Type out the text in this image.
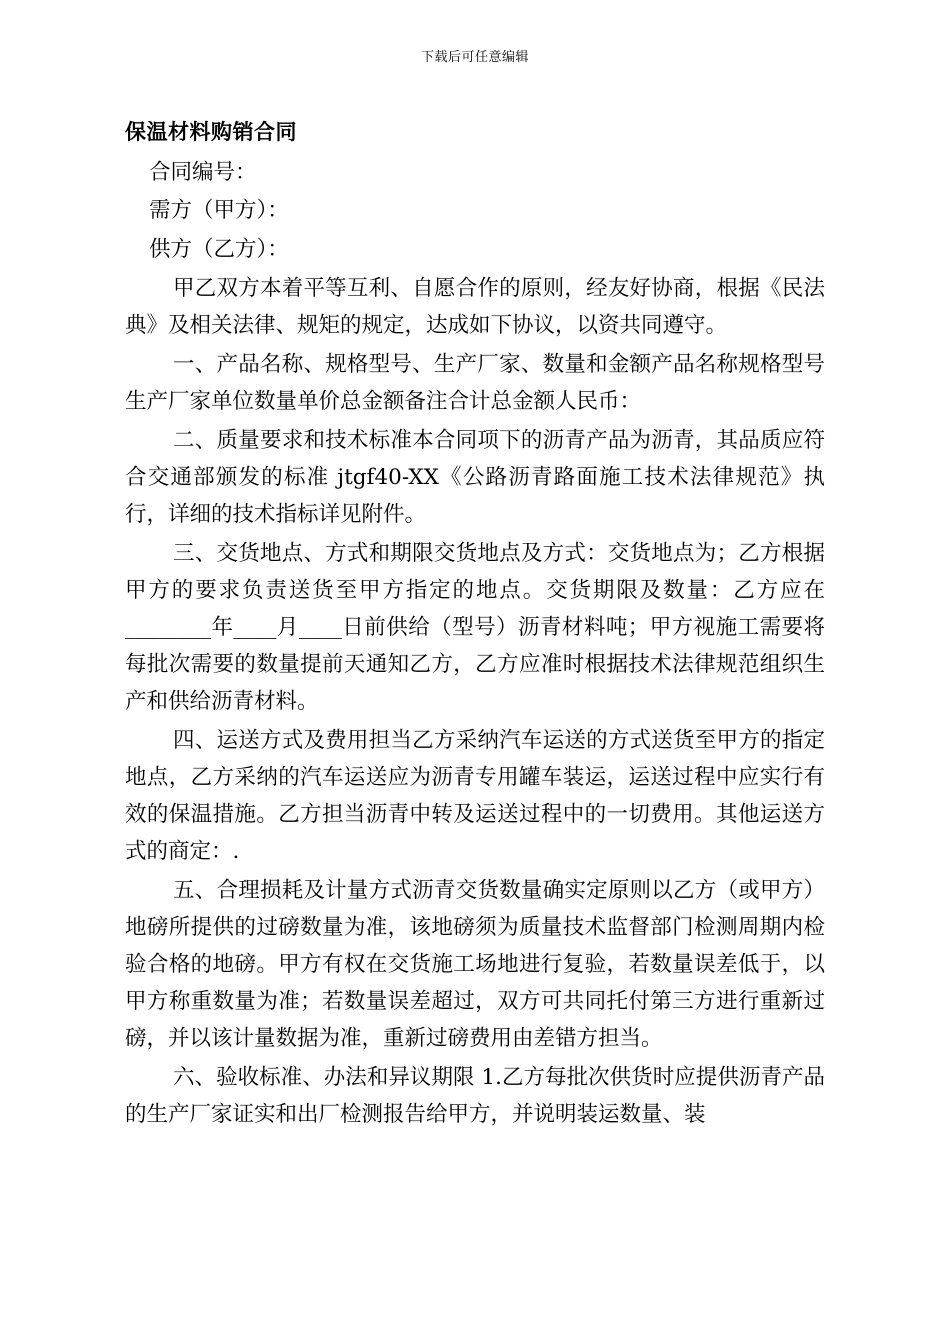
下载后可任意编辑
保温材料购销合同

合同编号：

需方（甲方）：

供方（乙方）：

甲乙双方本着平等互利、自愿合作的原则，经友好协商，根据《民法典》及相关法律、规矩的规定，达成如下协议，以资共同遵守。

一、产品名称、规格型号、生产厂家、数量和金额产品名称规格型号生产厂家单位数量单价总金额备注合计总金额人民币：

二、质量要求和技术标准本合同项下的沥青产品为沥青，其品质应符合交通部颁发的标准 jtgf40-XX《公路沥青路面施工技术法律规范》执行，详细的技术指标详见附件。

三、交货地点、方式和期限交货地点及方式：交货地点为；乙方根据甲方的要求负责送货至甲方指定的地点。交货期限及数量：乙方应在________年____月____日前供给（型号）沥青材料吨；甲方视施工需要将每批次需要的数量提前天通知乙方，乙方应准时根据技术法律规范组织生产和供给沥青材料。

四、运送方式及费用担当乙方采纳汽车运送的方式送货至甲方的指定地点，乙方采纳的汽车运送应为沥青专用罐车装运，运送过程中应实行有效的保温措施。乙方担当沥青中转及运送过程中的一切费用。其他运送方式的商定：.

五、合理损耗及计量方式沥青交货数量确实定原则以乙方（或甲方）地磅所提供的过磅数量为准，该地磅须为质量技术监督部门检测周期内检验合格的地磅。甲方有权在交货施工场地进行复验，若数量误差低于，以甲方称重数量为准；若数量误差超过，双方可共同托付第三方进行重新过磅，并以该计量数据为准，重新过磅费用由差错方担当。

六、验收标准、办法和异议期限 1.乙方每批次供货时应提供沥青产品的生产厂家证实和出厂检测报告给甲方，并说明装运数量、装
